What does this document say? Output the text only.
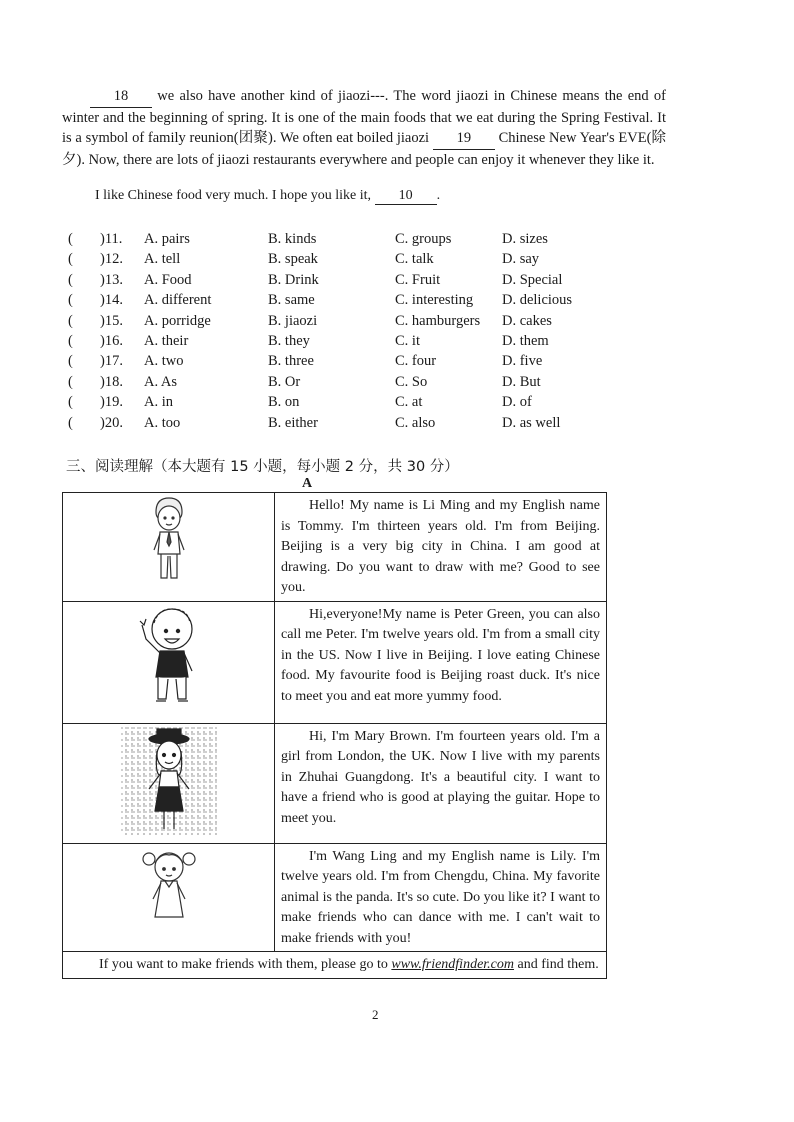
18 we also have another kind of jiaozi---. The word jiaozi in Chinese means the end of winter and the beginning of spring. It is one of the main foods that we eat during the Spring Festival. It is a symbol of family reunion(团聚). We often eat boiled jiaozi 19 Chinese New Year's EVE(除夕). Now, there are lots of jiaozi restaurants everywhere and people can enjoy it whenever they like it.
I like Chinese food very much. I hope you like it, 10 .
( )11. A. pairs	B. kinds	C. groups	D. sizes
( )12. A. tell	B. speak	C. talk	D. say
( )13. A. Food	B. Drink	C. Fruit	D. Special
( )14. A. different	B. same	C. interesting D. delicious
( )15. A. porridge	B. jiaozi	C. hamburgers D. cakes
( )16. A. their	B. they	C. it	D. them
( )17. A. two	B. three	C. four	D. five
( )18. A. As	B. Or	C. So	D. But
( )19. A. in	B. on	C. at	D. of
( )20. A. too	B. either	C. also	D. as well
三、阅读理解（本大题有 15 小题，每小题 2 分，共 30 分）
A

Hello! My name is Li Ming and my English name is Tommy. I'm thirteen years old. I'm from Beijing. Beijing is a very big city in China. I am good at drawing. Do you want to draw with me? Good to see you.

Hi,everyone!My name is Peter Green, you can also call me Peter. I'm twelve years old. I'm from a small city in the US. Now I live in Beijing. I love eating Chinese food. My favourite food is Beijing roast duck. It's nice to meet you and eat more yummy food.

Hi, I'm Mary Brown. I'm fourteen years old. I'm a girl from London, the UK. Now I live with my parents in Zhuhai Guangdong. It's a beautiful city. I want to have a friend who is good at playing the guitar. Hope to meet you.

I'm Wang Ling and my English name is Lily. I'm twelve years old. I'm from Chengdu, China. My favorite animal is the panda. It's so cute. Do you like it? I want to make friends who can dance with me. I can't wait to make friends with you!

If you want to make friends with them, please go to www.friendfinder.com and find them.	
2
